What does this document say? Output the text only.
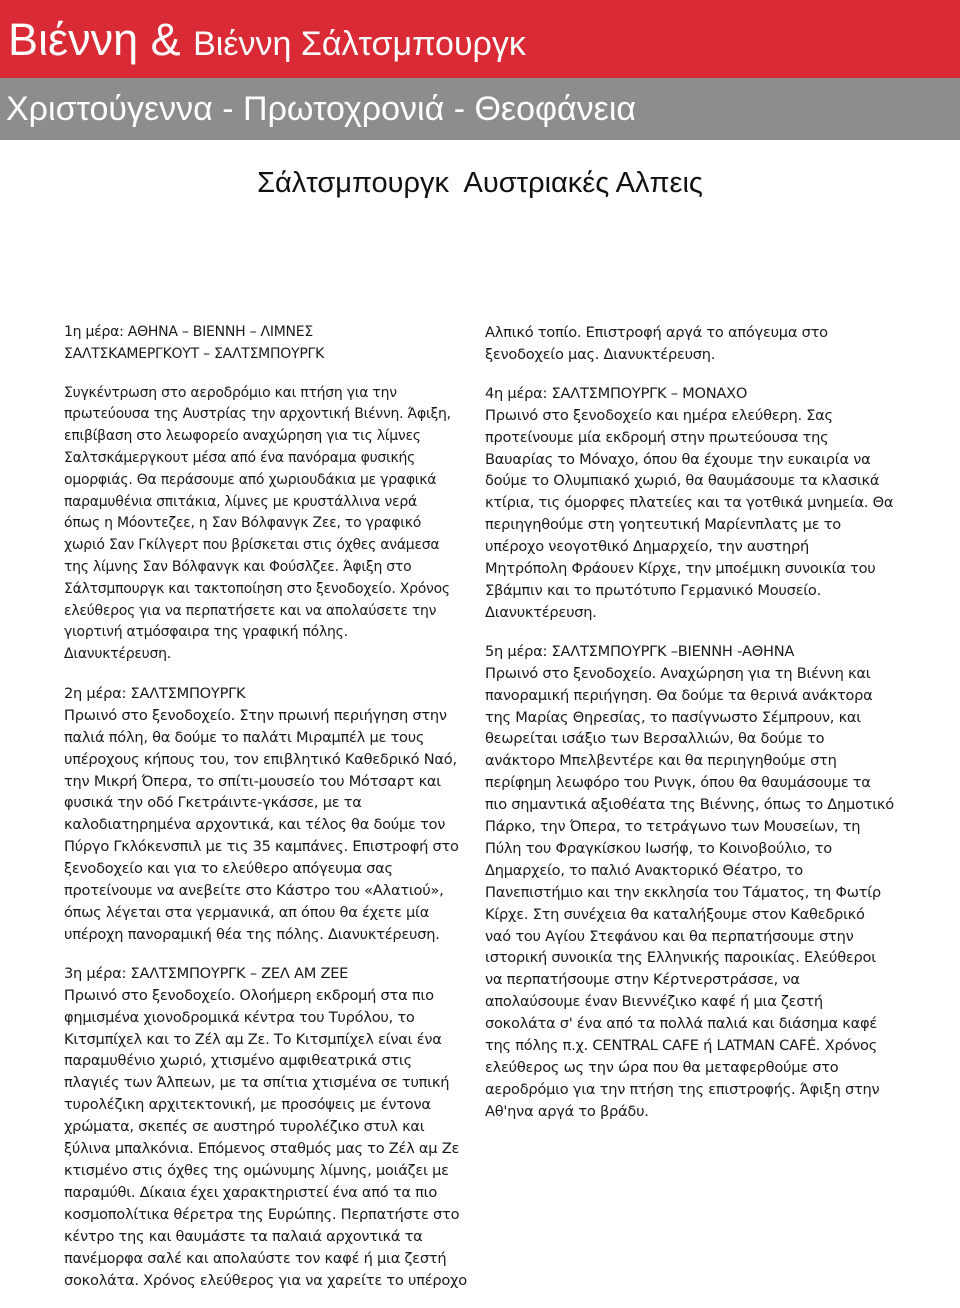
Βιέννη & Βιέννη Σάλτσμπουργκ
Χριστούγεννα - Πρωτοχρονιά - Θεοφάνεια
Σάλτσμπουργκ  Αυστριακές Αλπεις
1η μέρα: ΑΘΗΝΑ – ΒΙΕΝΝΗ – ΛΙΜΝΕΣ
ΣΑΛΤΣΚΑΜΕΡΓΚΟΥΤ – ΣΑΛΤΣΜΠΟΥΡΓΚ
Συγκέντρωση στο αεροδρόμιο και πτήση για την
πρωτεύουσα της Αυστρίας την αρχοντική Βιέννη. Άφιξη,
επιβίβαση στο λεωφορείο αναχώρηση για τις λίμνες
Σαλτσκάμεργκουτ μέσα από ένα πανόραμα φυσικής
ομορφιάς. Θα περάσουμε από χωριουδάκια με γραφικά
παραμυθένια σπιτάκια, λίμνες με κρυστάλλινα νερά
όπως η Μόοντεζεε, η Σαν Βόλφανγκ Ζεε, το γραφικό
χωριό Σαν Γκίλγερτ που βρίσκεται στις όχθες ανάμεσα
της λίμνης Σαν Βόλφανγκ και Φούσλζεε. Άφιξη στο
Σάλτσμπουργκ και τακτοποίηση στο ξενοδοχείο. Χρόνος
ελεύθερος για να περπατήσετε και να απολαύσετε την
γιορτινή ατμόσφαιρα της γραφική πόλης.
Διανυκτέρευση.
2η μέρα: ΣΑΛΤΣΜΠΟΥΡΓΚ
Πρωινό στο ξενοδοχείο. Στην πρωινή περιήγηση στην
παλιά πόλη, θα δούμε το παλάτι Μιραμπέλ με τους
υπέροχους κήπους του, τον επιβλητικό Καθεδρικό Ναό,
την Μικρή Όπερα, το σπίτι-μουσείο του Μότσαρτ και
φυσικά την οδό Γκετράιντε-γκάσσε, με τα
καλοδιατηρημένα αρχοντικά, και τέλος θα δούμε τον
Πύργο Γκλόκενσπιλ με τις 35 καμπάνες. Επιστροφή στο
ξενοδοχείο και για το ελεύθερο απόγευμα σας
προτείνουμε να ανεβείτε στο Κάστρο του «Αλατιού»,
όπως λέγεται στα γερμανικά, απ όπου θα έχετε μία
υπέροχη πανοραμική θέα της πόλης. Διανυκτέρευση.
3η μέρα: ΣΑΛΤΣΜΠΟΥΡΓΚ – ΖΕΛ ΑΜ ΖΕΕ
Πρωινό στο ξενοδοχείο. Ολοήμερη εκδρομή στα πιο
φημισμένα χιονοδρομικά κέντρα του Τυρόλου, το
Κιτσμπίχελ και το Ζέλ αμ Ζε. Το Κιτσμπίχελ είναι ένα
παραμυθένιο χωριό, χτισμένο αμφιθεατρικά στις
πλαγιές των Άλπεων, με τα σπίτια χτισμένα σε τυπική
τυρολέζικη αρχιτεκτονική, με προσόψεις με έντονα
χρώματα, σκεπές σε αυστηρό τυρολέζικο στυλ και
ξύλινα μπαλκόνια. Επόμενος σταθμός μας το Ζέλ αμ Ζε
κτισμένο στις όχθες της ομώνυμης λίμνης, μοιάζει με
παραμύθι. Δίκαια έχει χαρακτηριστεί ένα από τα πιο
κοσμοπολίτικα θέρετρα της Ευρώπης. Περπατήστε στο
κέντρο της και θαυμάστε τα παλαιά αρχοντικά τα
πανέμορφα σαλέ και απολαύστε τον καφέ ή μια ζεστή
σοκολάτα. Χρόνος ελεύθερος για να χαρείτε το υπέροχο
Αλπικό τοπίο. Επιστροφή αργά το απόγευμα στο
ξενοδοχείο μας. Διανυκτέρευση.
4η μέρα: ΣΑΛΤΣΜΠΟΥΡΓΚ – ΜΟΝΑΧΟ
Πρωινό στο ξενοδοχείο και ημέρα ελεύθερη. Σας
προτείνουμε μία εκδρομή στην πρωτεύουσα της
Βαυαρίας το Μόναχο, όπου θα έχουμε την ευκαιρία να
δούμε το Ολυμπιακό χωριό, θα θαυμάσουμε τα κλασικά
κτίρια, τις όμορφες πλατείες και τα γοτθικά μνημεία. Θα
περιηγηθούμε στη γοητευτική Μαρίενπλατς με το
υπέροχο νεογοτθικό Δημαρχείο, την αυστηρή
Μητρόπολη Φράουεν Κίρχε, την μποέμικη συνοικία του
Σβάμπιν και το πρωτότυπο Γερμανικό Μουσείο.
Διανυκτέρευση.
5η μέρα: ΣΑΛΤΣΜΠΟΥΡΓΚ –ΒΙΕΝΝΗ -ΑΘΗΝΑ
Πρωινό στο ξενοδοχείο. Αναχώρηση για τη Βιέννη και
πανοραμική περιήγηση. Θα δούμε τα θερινά ανάκτορα
της Μαρίας Θηρεσίας, το πασίγνωστο Σέμπρουν, και
θεωρείται ισάξιο των Βερσαλλιών, θα δούμε το
ανάκτορο Μπελβεντέρε και θα περιηγηθούμε στη
περίφημη λεωφόρο του Ρινγκ, όπου θα θαυμάσουμε τα
πιο σημαντικά αξιοθέατα της Βιέννης, όπως το Δημοτικό
Πάρκο, την Όπερα, το τετράγωνο των Μουσείων, τη
Πύλη του Φραγκίσκου Ιωσήφ, το Κοινοβούλιο, το
Δημαρχείο, το παλιό Ανακτορικό Θέατρο, το
Πανεπιστήμιο και την εκκλησία του Τάματος, τη Φωτίρ
Κίρχε. Στη συνέχεια θα καταλήξουμε στον Καθεδρικό
ναό του Αγίου Στεφάνου και θα περπατήσουμε στην
ιστορική συνοικία της Ελληνικής παροικίας. Ελεύθεροι
να περπατήσουμε στην Κέρτνερστράσσε, να
απολαύσουμε έναν Βιεννέζικο καφέ ή μια ζεστή
σοκολάτα σ' ένα από τα πολλά παλιά και διάσημα καφέ
της πόλης π.χ. CENTRAL CAFE ή LATMAN CAFÉ. Χρόνος
ελεύθερος ως την ώρα που θα μεταφερθούμε στο
αεροδρόμιο για την πτήση της επιστροφής. Άφιξη στην
Αθ'ηνα αργά το βράδυ.
